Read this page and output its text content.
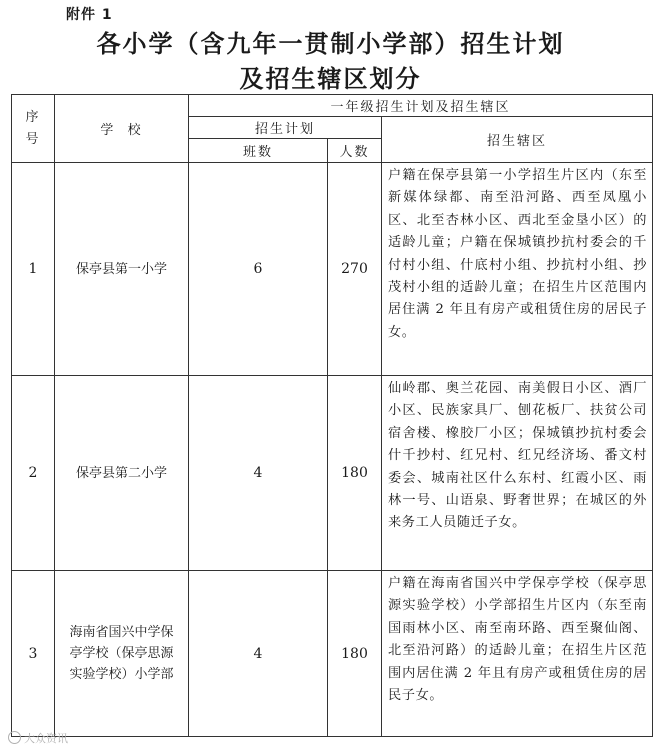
附件 1
各小学（含九年一贯制小学部）招生计划
及招生辖区划分
序号	学  校	一年级招生计划及招生辖区		
		招生计划		招生辖区
		班数	人数	
1	保亭县第一小学	6	270	户籍在保亭县第一小学招生片区内（东至新媒体绿都、南至沿河路、西至凤凰小区、北至杏林小区、西北至金垦小区）的适龄儿童；户籍在保城镇抄抗村委会的千付村小组、什底村小组、抄抗村小组、抄茂村小组的适龄儿童；在招生片区范围内居住满 2 年且有房产或租赁住房的居民子女。
2	保亭县第二小学	4	180	仙岭郡、奥兰花园、南美假日小区、酒厂小区、民族家具厂、刨花板厂、扶贫公司宿舍楼、橡胶厂小区；保城镇抄抗村委会什千抄村、红兄村、红兄经济场、番文村委会、城南社区什么东村、红霞小区、雨林一号、山语泉、野奢世界；在城区的外来务工人员随迁子女。
3	海南省国兴中学保亭学校（保亭思源实验学校）小学部	4	180	户籍在海南省国兴中学保亭学校（保亭思源实验学校）小学部招生片区内（东至南国雨林小区、南至南环路、西至聚仙阁、北至沿河路）的适龄儿童；在招生片区范围内居住满 2 年且有房产或租赁住房的居民子女。
大众资讯
